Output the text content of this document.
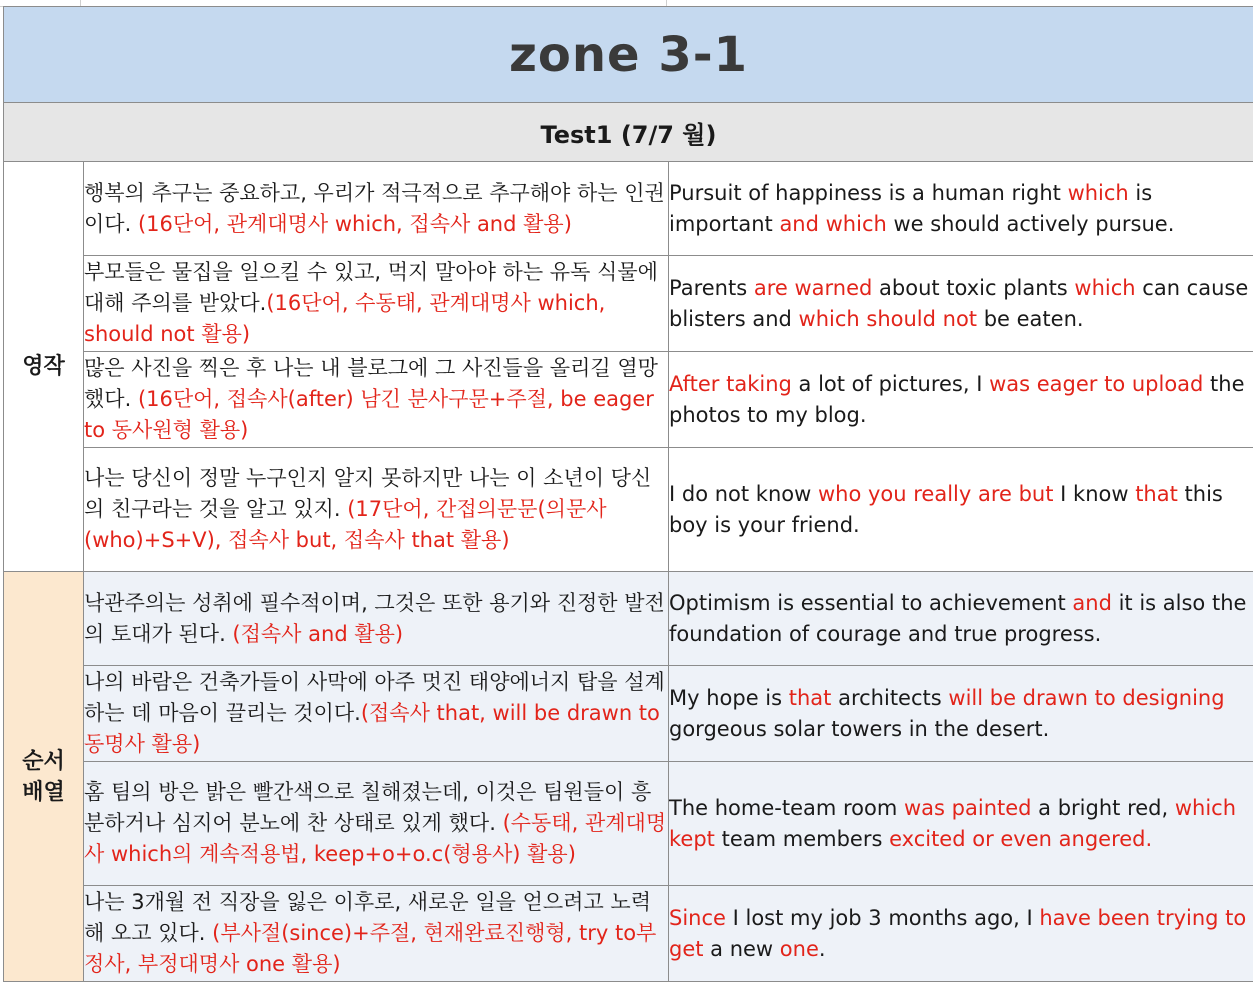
zone 3-1		
Test1 (7/7 월)		

영작	행복의 추구는 중요하고, 우리가 적극적으로 추구해야 하는 인권이다. (16단어, 관계대명사 which, 접속사 and 활용)	Pursuit of happiness is a human right which is important and which we should actively pursue.
	부모들은 물집을 일으킬 수 있고, 먹지 말아야 하는 유독 식물에 대해 주의를 받았다.(16단어, 수동태, 관계대명사 which, should not 활용)	Parents are warned about toxic plants which can cause blisters and which should not be eaten.
	많은 사진을 찍은 후 나는 내 블로그에 그 사진들을 올리길 열망했다. (16단어, 접속사(after) 남긴 분사구문+주절, be eager to 동사원형 활용)	After taking a lot of pictures, I was eager to upload the photos to my blog.
	나는 당신이 정말 누구인지 알지 못하지만 나는 이 소년이 당신의 친구라는 것을 알고 있지. (17단어, 간접의문문(의문사(who)+S+V), 접속사 but, 접속사 that 활용)	I do not know who you really are but I know that this boy is your friend.

순서
배열	낙관주의는 성취에 필수적이며, 그것은 또한 용기와 진정한 발전의 토대가 된다. (접속사 and 활용)	Optimism is essential to achievement and it is also the foundation of courage and true progress.
	나의 바람은 건축가들이 사막에 아주 멋진 태양에너지 탑을 설계하는 데 마음이 끌리는 것이다.(접속사 that, will be drawn to 동명사 활용)	My hope is that architects will be drawn to designing gorgeous solar towers in the desert.
	홈 팀의 방은 밝은 빨간색으로 칠해졌는데, 이것은 팀원들이 흥분하거나 심지어 분노에 찬 상태로 있게 했다. (수동태, 관계대명사 which의 계속적용법, keep+o+o.c(형용사) 활용)	The home-team room was painted a bright red, which kept team members excited or even angered.
	나는 3개월 전 직장을 잃은 이후로, 새로운 일을 얻으려고 노력해 오고 있다. (부사절(since)+주절, 현재완료진행형, try to부정사, 부정대명사 one 활용)	Since I lost my job 3 months ago, I have been trying to get a new one.
